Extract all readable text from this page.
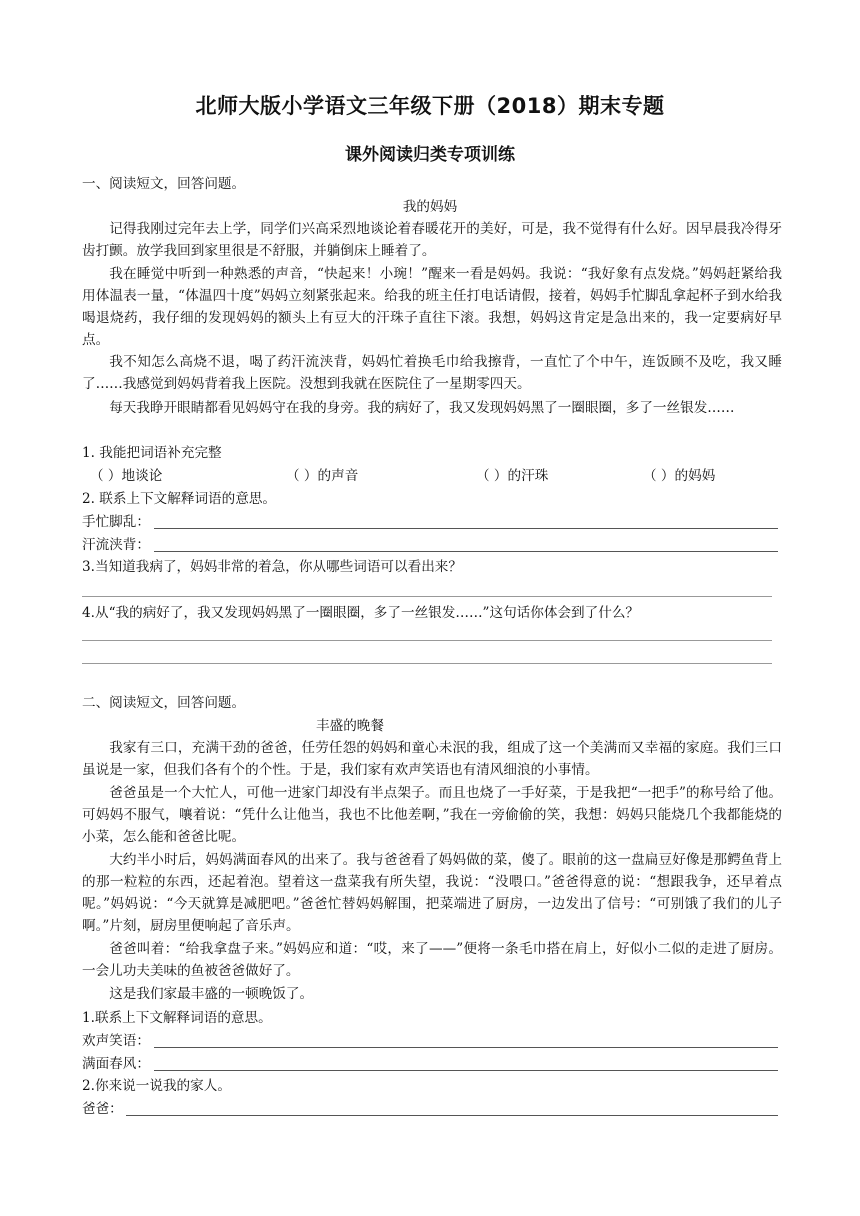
北师大版小学语文三年级下册（2018）期末专题
课外阅读归类专项训练
一、阅读短文，回答问题。
我的妈妈
记得我刚过完年去上学，同学们兴高采烈地谈论着春暖花开的美好，可是，我不觉得有什么好。因早晨我冷得牙齿打颤。放学我回到家里很是不舒服，并躺倒床上睡着了。
我在睡觉中听到一种熟悉的声音，“快起来！小琬！”醒来一看是妈妈。我说：“我好象有点发烧。”妈妈赶紧给我用体温表一量，“体温四十度”妈妈立刻紧张起来。给我的班主任打电话请假，接着，妈妈手忙脚乱拿起杯子到水给我喝退烧药，我仔细的发现妈妈的额头上有豆大的汗珠子直往下滚。我想，妈妈这肯定是急出来的，我一定要病好早点。
我不知怎么高烧不退，喝了药汗流浃背，妈妈忙着换毛巾给我擦背，一直忙了个中午，连饭顾不及吃，我又睡了……我感觉到妈妈背着我上医院。没想到我就在医院住了一星期零四天。
每天我睁开眼睛都看见妈妈守在我的身旁。我的病好了，我又发现妈妈黑了一圈眼圈，多了一丝银发……
1. 我能把词语补充完整
（ ）地谈论	（ ）的声音	（ ）的汗珠	（ ）的妈妈
2. 联系上下文解释词语的意思。
手忙脚乱：
汗流浃背：
3.当知道我病了，妈妈非常的着急，你从哪些词语可以看出来？
4.从“我的病好了，我又发现妈妈黑了一圈眼圈，多了一丝银发……”这句话你体会到了什么？
二、阅读短文，回答问题。
丰盛的晚餐
我家有三口，充满干劲的爸爸，任劳任怨的妈妈和童心未泯的我，组成了这一个美满而又幸福的家庭。我们三口虽说是一家，但我们各有个的个性。于是，我们家有欢声笑语也有清风细浪的小事情。
爸爸虽是一个大忙人，可他一进家门却没有半点架子。而且也烧了一手好菜，于是我把“一把手”的称号给了他。可妈妈不服气，嚷着说：“凭什么让他当，我也不比他差啊，”我在一旁偷偷的笑，我想：妈妈只能烧几个我都能烧的小菜，怎么能和爸爸比呢。
大约半小时后，妈妈满面春风的出来了。我与爸爸看了妈妈做的菜，傻了。眼前的这一盘扁豆好像是那鳄鱼背上的那一粒粒的东西，还起着泡。望着这一盘菜我有所失望，我说：“没喂口。”爸爸得意的说：“想跟我争，还早着点呢。”妈妈说：“今天就算是减肥吧。”爸爸忙替妈妈解围，把菜端进了厨房，一边发出了信号：“可别饿了我们的儿子啊。”片刻，厨房里便响起了音乐声。
爸爸叫着：“给我拿盘子来。”妈妈应和道：“哎，来了——”便将一条毛巾搭在肩上，好似小二似的走进了厨房。一会儿功夫美味的鱼被爸爸做好了。
这是我们家最丰盛的一顿晚饭了。
1.联系上下文解释词语的意思。
欢声笑语：
满面春风：
2.你来说一说我的家人。
爸爸：
